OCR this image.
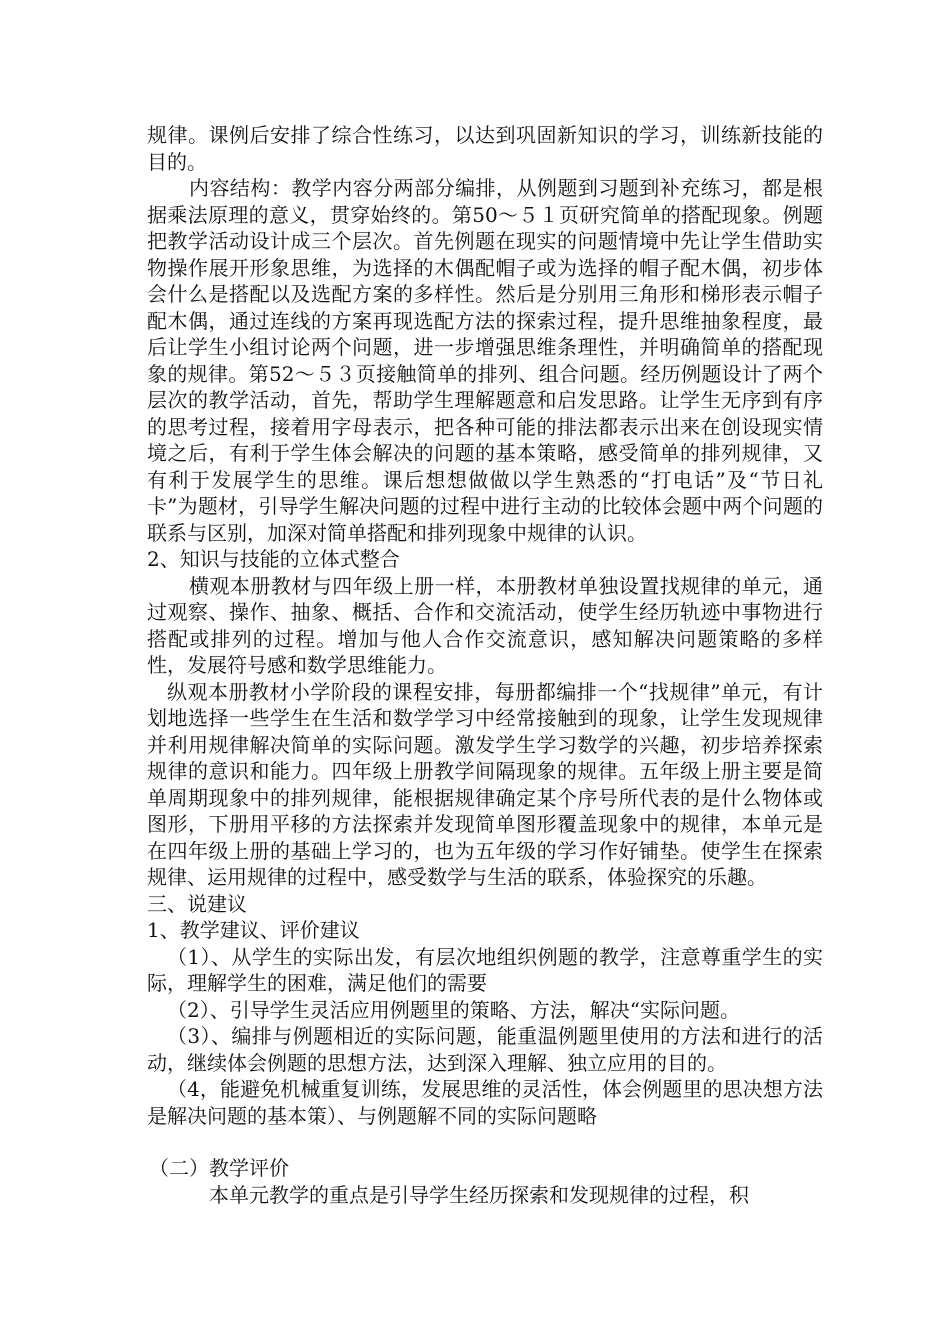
规律。课例后安排了综合性练习，以达到巩固新知识的学习，训练新技能的目的。

内容结构：教学内容分两部分编排，从例题到习题到补充练习，都是根据乘法原理的意义，贯穿始终的。第50～５１页研究简单的搭配现象。例题把教学活动设计成三个层次。首先例题在现实的问题情境中先让学生借助实物操作展开形象思维，为选择的木偶配帽子或为选择的帽子配木偶，初步体会什么是搭配以及选配方案的多样性。然后是分别用三角形和梯形表示帽子配木偶，通过连线的方案再现选配方法的探索过程，提升思维抽象程度，最后让学生小组讨论两个问题，进一步增强思维条理性，并明确简单的搭配现象的规律。第52～５３页接触简单的排列、组合问题。经历例题设计了两个层次的教学活动，首先，帮助学生理解题意和启发思路。让学生无序到有序的思考过程，接着用字母表示，把各种可能的排法都表示出来在创设现实情境之后，有利于学生体会解决的问题的基本策略，感受简单的排列规律，又有利于发展学生的思维。课后想想做做以学生熟悉的“打电话”及“节日礼卡”为题材，引导学生解决问题的过程中进行主动的比较体会题中两个问题的联系与区别，加深对简单搭配和排列现象中规律的认识。

2、知识与技能的立体式整合

横观本册教材与四年级上册一样，本册教材单独设置找规律的单元，通过观察、操作、抽象、概括、合作和交流活动，使学生经历轨迹中事物进行搭配或排列的过程。增加与他人合作交流意识，感知解决问题策略的多样性，发展符号感和数学思维能力。

纵观本册教材小学阶段的课程安排，每册都编排一个“找规律”单元，有计划地选择一些学生在生活和数学学习中经常接触到的现象，让学生发现规律并利用规律解决简单的实际问题。激发学生学习数学的兴趣，初步培养探索规律的意识和能力。四年级上册教学间隔现象的规律。五年级上册主要是简单周期现象中的排列规律，能根据规律确定某个序号所代表的是什么物体或图形，下册用平移的方法探索并发现简单图形覆盖现象中的规律，本单元是在四年级上册的基础上学习的，也为五年级的学习作好铺垫。使学生在探索规律、运用规律的过程中，感受数学与生活的联系，体验探究的乐趣。

三、说建议

1、教学建议、评价建议

（1）、从学生的实际出发，有层次地组织例题的教学，注意尊重学生的实际，理解学生的困难，满足他们的需要

（2）、引导学生灵活应用例题里的策略、方法，解决“实际问题。

（3）、编排与例题相近的实际问题，能重温例题里使用的方法和进行的活动，继续体会例题的思想方法，达到深入理解、独立应用的目的。

（4，能避免机械重复训练，发展思维的灵活性，体会例题里的思决想方法是解决问题的基本策）、与例题解不同的实际问题略

（二）教学评价

本单元教学的重点是引导学生经历探索和发现规律的过程，积
